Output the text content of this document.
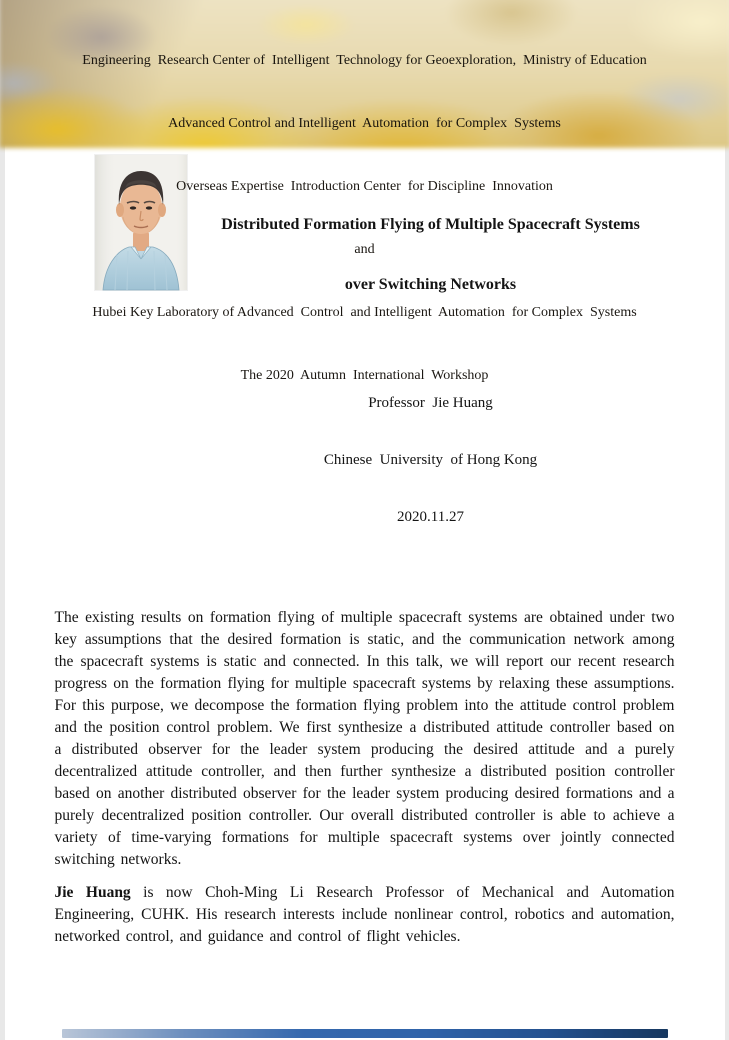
Engineering  Research Center of  Intelligent  Technology for Geoexploration,  Ministry of Education

Advanced Control and Intelligent  Automation  for Complex  Systems

Overseas Expertise  Introduction Center  for Discipline  Innovation

and

Hubei Key Laboratory of Advanced  Control  and Intelligent  Automation  for Complex  Systems

The 2020  Autumn  International  Workshop

Distributed Formation Flying of Multiple Spacecraft Systems

over Switching Networks

Professor  Jie Huang

Chinese  University  of Hong Kong

2020.11.27

The existing results on formation flying of multiple spacecraft systems are obtained under two key assumptions that the desired formation is static, and the communication network among the spacecraft systems is static and connected. In this talk, we will report our recent research progress on the formation flying for multiple spacecraft systems by relaxing these assumptions. For this purpose, we decompose the formation flying problem into the attitude control problem and the position control problem. We first synthesize a distributed attitude controller based on a distributed observer for the leader system producing the desired attitude and a purely decentralized attitude controller, and then further synthesize a distributed position controller based on another distributed observer for the leader system producing desired formations and a purely decentralized position controller. Our overall distributed controller is able to achieve a variety of time-varying formations for multiple spacecraft systems over jointly connected switching networks.

Jie Huang is now Choh-Ming Li Research Professor of Mechanical and Automation Engineering, CUHK. His research interests include nonlinear control, robotics and automation, networked control, and guidance and control of flight vehicles.
